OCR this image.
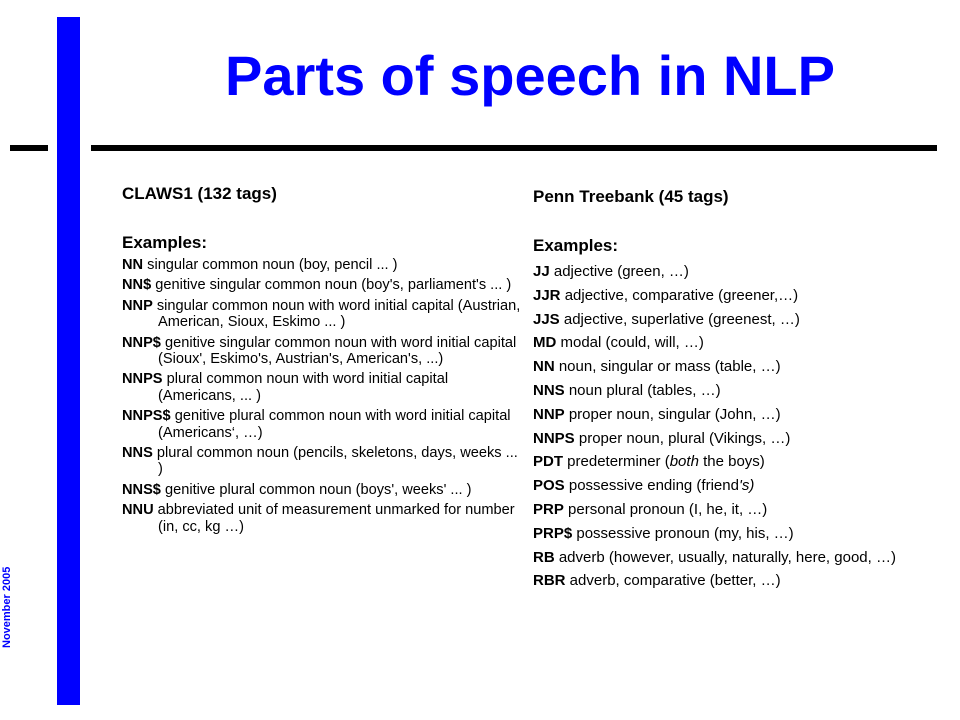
Parts of speech in NLP
November 2005

CLAWS1 (132 tags)

Examples:

NN singular common noun (boy, pencil ... )
NN$ genitive singular common noun (boy's, parliament's ... )
NNP singular common noun with word initial capital (Austrian, American, Sioux, Eskimo ... )
NNP$ genitive singular common noun with word initial capital (Sioux', Eskimo's, Austrian's, American's, ...)
NNPS plural common noun with word initial capital (Americans, ... )
NNPS$ genitive plural common noun with word initial capital (Americans‘, …)
NNS plural common noun (pencils, skeletons, days, weeks ... )
NNS$ genitive plural common noun (boys', weeks' ... )
NNU abbreviated unit of measurement unmarked for number (in, cc, kg …)

Penn Treebank (45 tags)

Examples:

JJ adjective (green, …)
JJR adjective, comparative (greener,…)
JJS adjective, superlative (greenest, …)
MD modal (could, will, …)
NN noun, singular or mass (table, …)
NNS noun plural (tables, …)
NNP proper noun, singular (John, …)
NNPS proper noun, plural (Vikings, …)
PDT predeterminer (both the boys)
POS possessive ending (friend's)
PRP personal pronoun (I, he, it, …)
PRP$ possessive pronoun (my, his, …)
RB adverb (however, usually, naturally, here, good, …)
RBR adverb, comparative (better, …)
